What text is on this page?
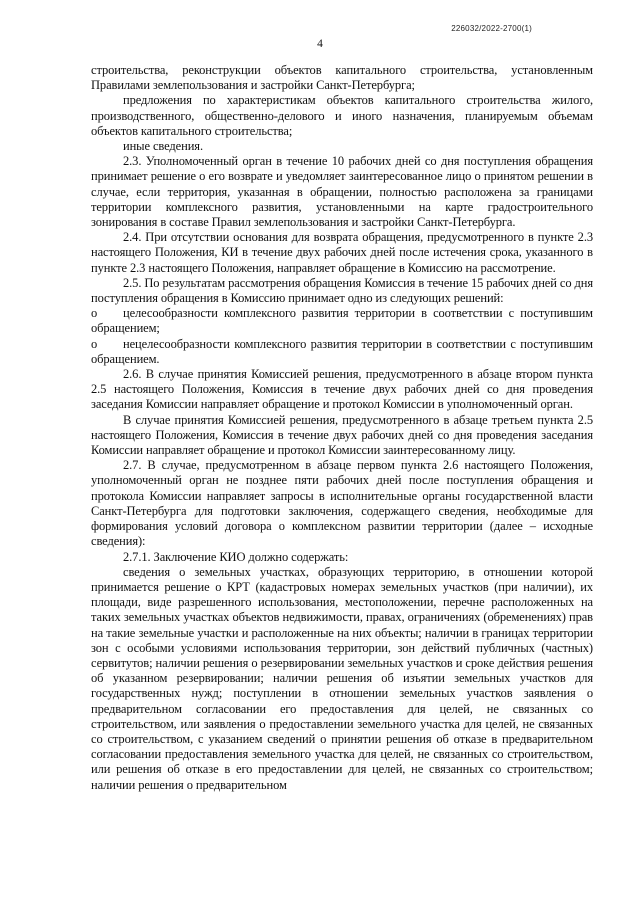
226032/2022-2700(1)
4

строительства, реконструкции объектов капитального строительства, установленным Правилами землепользования и застройки Санкт-Петербурга;

предложения по характеристикам объектов капитального строительства жилого, производственного, общественно-делового и иного назначения, планируемым объемам объектов капитального строительства;

иные сведения.

2.3. Уполномоченный орган в течение 10 рабочих дней со дня поступления обращения принимает решение о его возврате и уведомляет заинтересованное лицо о принятом решении в случае, если территория, указанная в обращении, полностью расположена за границами территории комплексного развития, установленными на карте градостроительного зонирования в составе Правил землепользования и застройки Санкт-Петербурга.

2.4. При отсутствии основания для возврата обращения, предусмотренного в пункте 2.3 настоящего Положения, КИ в течение двух рабочих дней после истечения срока, указанного в пункте 2.3 настоящего Положения, направляет обращение в Комиссию на рассмотрение.

2.5. По результатам рассмотрения обращения Комиссия в течение 15 рабочих дней со дня поступления обращения в Комиссию принимает одно из следующих решений:

о целесообразности комплексного развития территории в соответствии с поступившим обращением;

о нецелесообразности комплексного развития территории в соответствии с поступившим обращением.

2.6. В случае принятия Комиссией решения, предусмотренного в абзаце втором пункта 2.5 настоящего Положения, Комиссия в течение двух рабочих дней со дня проведения заседания Комиссии направляет обращение и протокол Комиссии в уполномоченный орган.

В случае принятия Комиссией решения, предусмотренного в абзаце третьем пункта 2.5 настоящего Положения, Комиссия в течение двух рабочих дней со дня проведения заседания Комиссии направляет обращение и протокол Комиссии заинтересованному лицу.

2.7. В случае, предусмотренном в абзаце первом пункта 2.6 настоящего Положения, уполномоченный орган не позднее пяти рабочих дней после поступления обращения и протокола Комиссии направляет запросы в исполнительные органы государственной власти Санкт-Петербурга для подготовки заключения, содержащего сведения, необходимые для формирования условий договора о комплексном развитии территории (далее – исходные сведения):

2.7.1. Заключение КИО должно содержать:

сведения о земельных участках, образующих территорию, в отношении которой принимается решение о КРТ (кадастровых номерах земельных участков (при наличии), их площади, виде разрешенного использования, местоположении, перечне расположенных на таких земельных участках объектов недвижимости, правах, ограничениях (обременениях) прав на такие земельные участки и расположенные на них объекты; наличии в границах территории зон с особыми условиями использования территории, зон действий публичных (частных) сервитутов; наличии решения о резервировании земельных участков и сроке действия решения об указанном резервировании; наличии решения об изъятии земельных участков для государственных нужд; поступлении в отношении земельных участков заявления о предварительном согласовании его предоставления для целей, не связанных со строительством, или заявления о предоставлении земельного участка для целей, не связанных со строительством, с указанием сведений о принятии решения об отказе в предварительном согласовании предоставления земельного участка для целей, не связанных со строительством, или решения об отказе в его предоставлении для целей, не связанных со строительством; наличии решения о предварительном
